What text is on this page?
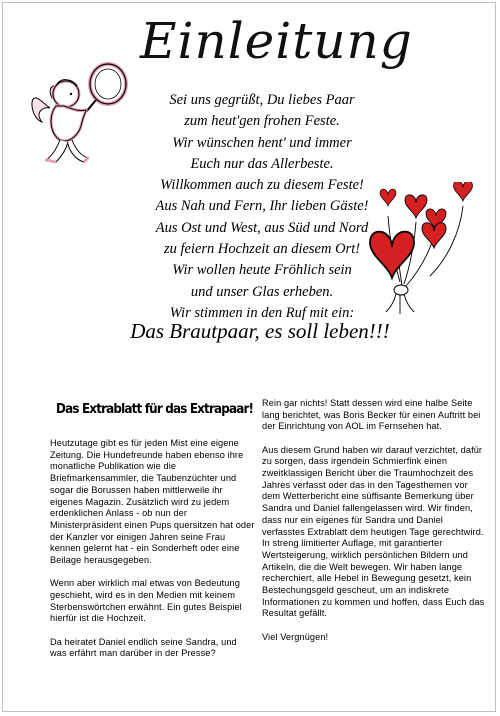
Einleitung
Sei uns gegrüßt, Du liebes Paar
zum heut'gen frohen Feste.
Wir wünschen hent' und immer
Euch nur das Allerbeste.
Willkommen auch zu diesem Feste!
Aus Nah und Fern, Ihr lieben Gäste!
Aus Ost und West, aus Süd und Nord
zu feiern Hochzeit an diesem Ort!
Wir wollen heute Fröhlich sein
und unser Glas erheben.
Wir stimmen in den Ruf mit ein:
Das Brautpaar, es soll leben!!!
Das Extrablatt für das Extrapaar!

Heutzutage gibt es für jeden Mist eine eigene Zeitung. Die Hundefreunde haben ebenso ihre monatliche Publikation wie die Briefmarkensammler, die Taubenzüchter und sogar die Borussen haben mittlerweile ihr eigenes Magazin. Zusätzlich wird zu jedem erdenklichen Anlass - ob nun der Ministerpräsident einen Pups quersitzen hat oder der Kanzler vor einigen Jahren seine Frau kennen gelernt hat - ein Sonderheft oder eine Beilage herausgegeben.

Wenn aber wirklich mal etwas von Bedeutung geschieht, wird es in den Medien mit keinem Sterbenswörtchen erwähnt. Ein gutes Beispiel hierfür ist die Hochzeit.

Da heiratet Daniel endlich seine Sandra, und was erfährt man darüber in der Presse?

Rein gar nichts! Statt dessen wird eine halbe Seite lang berichtet, was Boris Becker für einen Auftritt bei der Einrichtung von AOL im Fernsehen hat.

Aus diesem Grund haben wir darauf verzichtet, dafür zu sorgen, dass irgendein Schmierfink einen zweitklassigen Bericht über die Traumhochzeit des Jahres verfasst oder das in den Tagesthemen vor dem Wetterbericht eine süffisante Bemerkung über Sandra und Daniel fallengelassen wird. Wir finden, dass nur ein eigenes für Sandra und Daniel verfasstes Extrablatt dem heutigen Tage gerechtwird. In streng limitierter Auflage, mit garantierter Wertsteigerung, wirklich persönlichen Bildern und Artikeln, die die Welt bewegen. Wir haben lange recherchiert, alle Hebel in Bewegung gesetzt, kein Bestechungsgeld gescheut, um an indiskrete Informationen zu kommen und hoffen, dass Euch das Resultat gefällt.

Viel Vergnügen!
